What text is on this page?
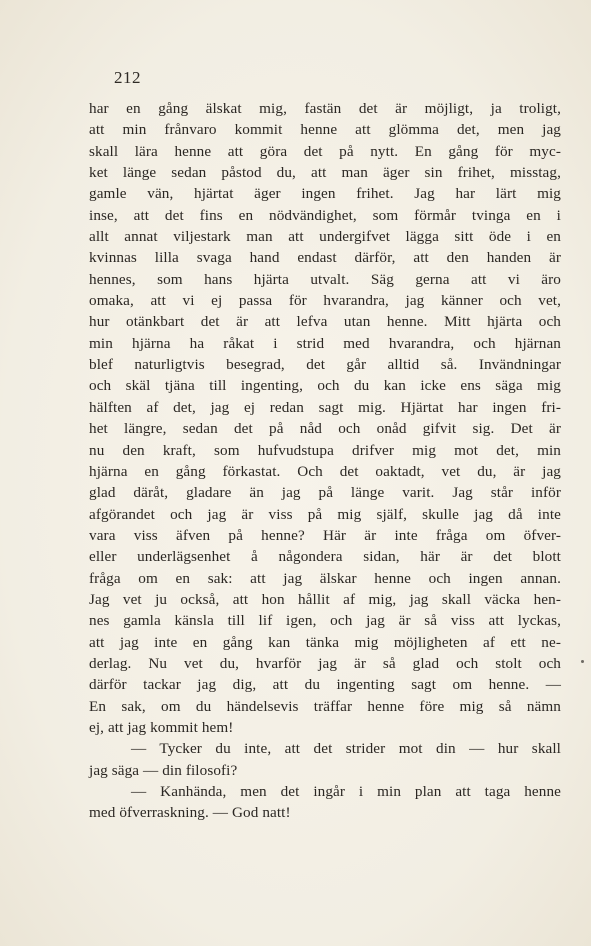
212
har en gång älskat mig, fastän det är möjligt, ja troligt,
att min frånvaro kommit henne att glömma det, men jag
skall lära henne att göra det på nytt. En gång för myc-
ket länge sedan påstod du, att man äger sin frihet, misstag,
gamle vän, hjärtat äger ingen frihet. Jag har lärt mig
inse, att det fins en nödvändighet, som förmår tvinga en i
allt annat viljestark man att undergifvet lägga sitt öde i en
kvinnas lilla svaga hand endast därför, att den handen är
hennes, som hans hjärta utvalt. Säg gerna att vi äro
omaka, att vi ej passa för hvarandra, jag känner och vet,
hur otänkbart det är att lefva utan henne. Mitt hjärta och
min hjärna ha råkat i strid med hvarandra, och hjärnan
blef naturligtvis besegrad, det går alltid så. Invändningar
och skäl tjäna till ingenting, och du kan icke ens säga mig
hälften af det, jag ej redan sagt mig. Hjärtat har ingen fri-
het längre, sedan det på nåd och onåd gifvit sig. Det är
nu den kraft, som hufvudstupa drifver mig mot det, min
hjärna en gång förkastat. Och det oaktadt, vet du, är jag
glad däråt, gladare än jag på länge varit. Jag står inför
afgörandet och jag är viss på mig själf, skulle jag då inte
vara viss äfven på henne? Här är inte fråga om öfver-
eller underlägsenhet å någondera sidan, här är det blott
fråga om en sak: att jag älskar henne och ingen annan.
Jag vet ju också, att hon hållit af mig, jag skall väcka hen-
nes gamla känsla till lif igen, och jag är så viss att lyckas,
att jag inte en gång kan tänka mig möjligheten af ett ne-
derlag. Nu vet du, hvarför jag är så glad och stolt och
därför tackar jag dig, att du ingenting sagt om henne. —
En sak, om du händelsevis träffar henne före mig så nämn
ej, att jag kommit hem!
— Tycker du inte, att det strider mot din — hur skall
jag säga — din filosofi?
— Kanhända, men det ingår i min plan att taga henne
med öfverraskning. — God natt!
